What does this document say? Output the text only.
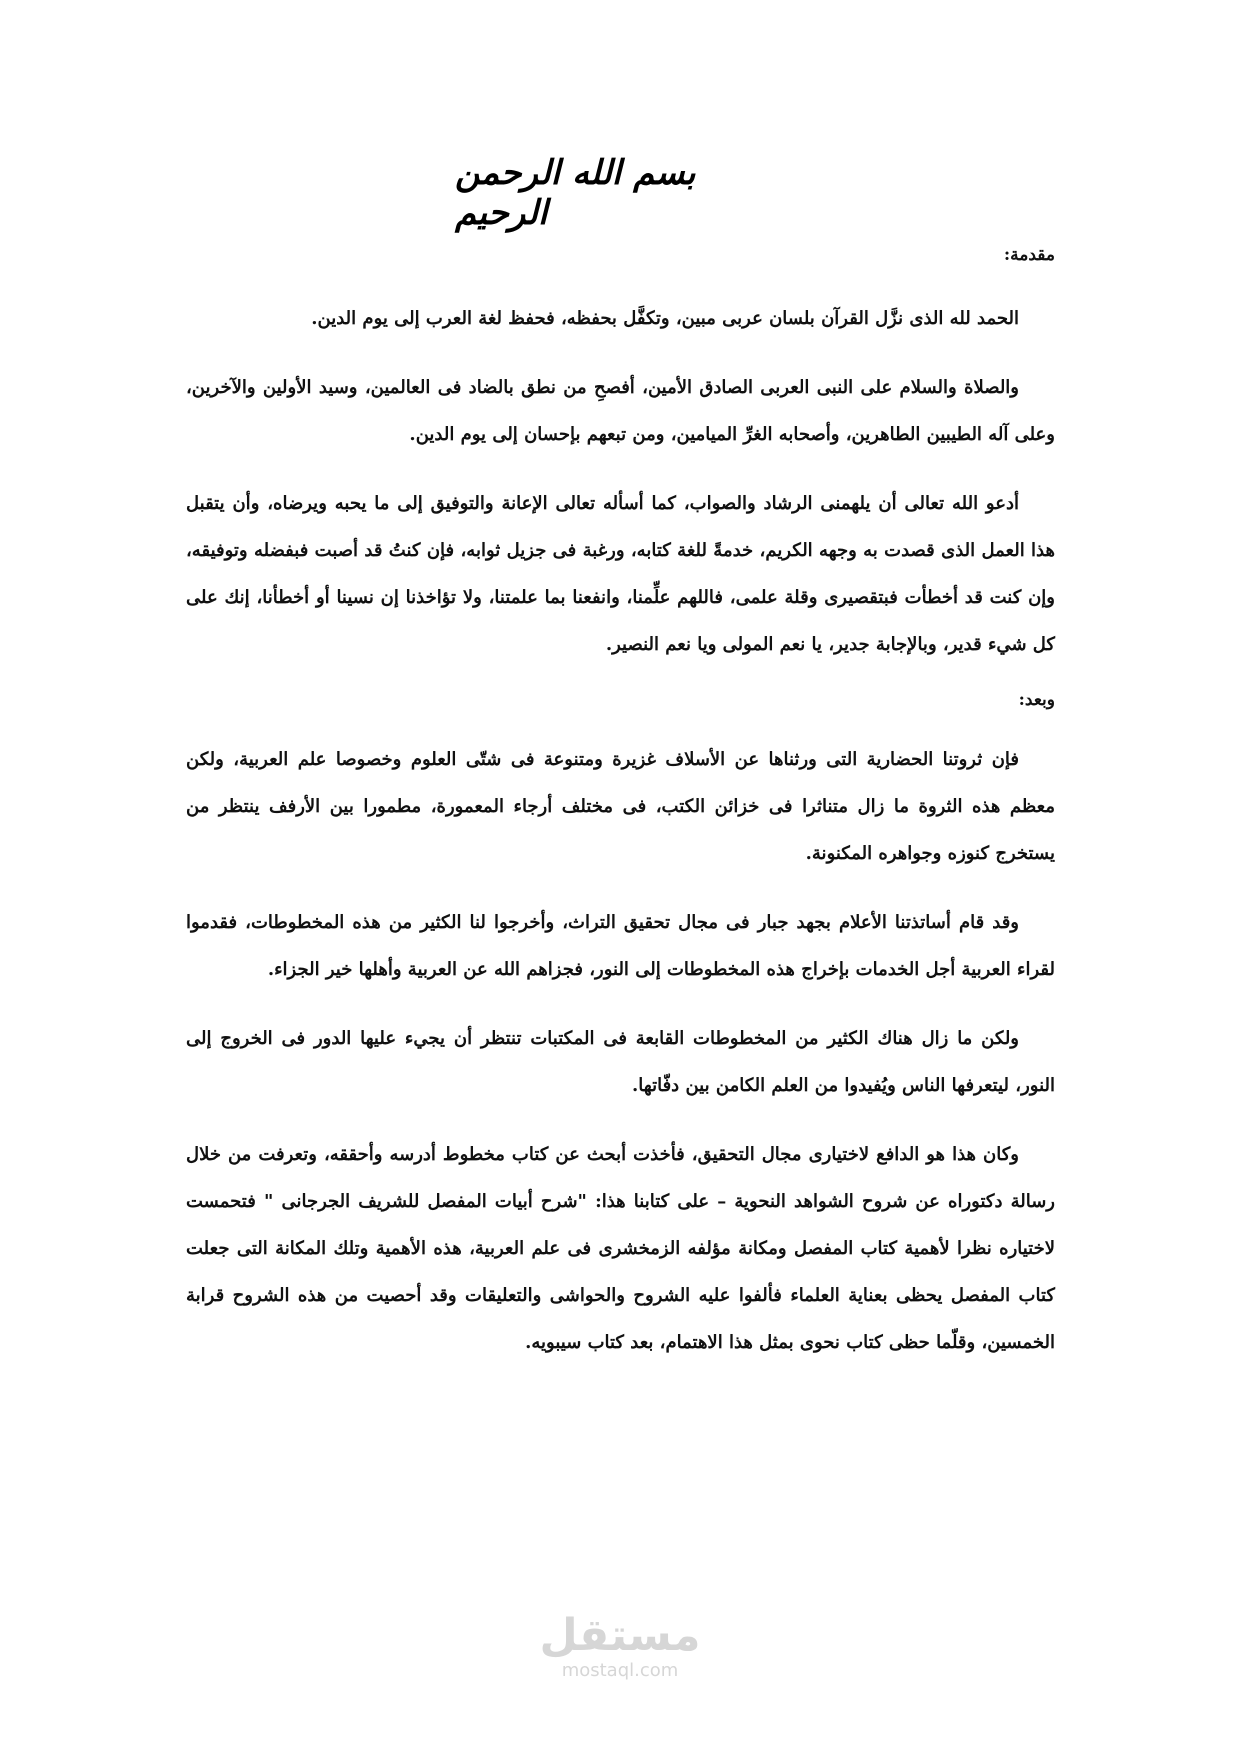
بسم الله الرحمن الرحيم
مقدمة:

الحمد لله الذى نزَّل القرآن بلسان عربى مبين، وتكفَّل بحفظه، فحفظ لغة العرب إلى يوم الدين.

والصلاة والسلام على النبى العربى الصادق الأمين، أفصحِ من نطق بالضاد فى العالمين، وسيد الأولين والآخرين، وعلى آله الطيبين الطاهرين، وأصحابه الغرِّ الميامين، ومن تبعهم بإحسان إلى يوم الدين.

أدعو الله تعالى أن يلهمنى الرشاد والصواب، كما أسأله تعالى الإعانة والتوفيق إلى ما يحبه ويرضاه، وأن يتقبل هذا العمل الذى قصدت به وجهه الكريم، خدمةً للغة كتابه، ورغبة فى جزيل ثوابه، فإن كنتُ قد أصبت فبفضله وتوفيقه، وإن كنت قد أخطأت فبتقصيرى وقلة علمى، فاللهم علِّمنا، وانفعنا بما علمتنا، ولا تؤاخذنا إن نسينا أو أخطأنا، إنك على كل شيء قدير، وبالإجابة جدير، يا نعم المولى ويا نعم النصير.

وبعد:

فإن ثروتنا الحضارية التى ورثناها عن الأسلاف غزيرة ومتنوعة فى شتّى العلوم وخصوصا علم العربية، ولكن معظم هذه الثروة ما زال متناثرا فى خزائن الكتب، فى مختلف أرجاء المعمورة، مطمورا بين الأرفف ينتظر من يستخرج كنوزه وجواهره المكنونة.

وقد قام أساتذتنا الأعلام بجهد جبار فى مجال تحقيق التراث، وأخرجوا لنا الكثير من هذه المخطوطات، فقدموا لقراء العربية أجل الخدمات بإخراج هذه المخطوطات إلى النور، فجزاهم الله عن العربية وأهلها خير الجزاء.

ولكن ما زال هناك الكثير من المخطوطات القابعة فى المكتبات تنتظر أن يجيء عليها الدور فى الخروج إلى النور، ليتعرفها الناس ويُفيدوا من العلم الكامن بين دفّاتها.

وكان هذا هو الدافع لاختيارى مجال التحقيق، فأخذت أبحث عن كتاب مخطوط أدرسه وأحققه، وتعرفت من خلال رسالة دكتوراه عن شروح الشواهد النحوية – على كتابنا هذا: "شرح أبيات المفصل للشريف الجرجانى " فتحمست لاختياره نظرا لأهمية كتاب المفصل ومكانة مؤلفه الزمخشرى فى علم العربية، هذه الأهمية وتلك المكانة التى جعلت كتاب المفصل يحظى بعناية العلماء فألفوا عليه الشروح والحواشى والتعليقات وقد أحصيت من هذه الشروح قرابة الخمسين، وقلّما حظى كتاب نحوى بمثل هذا الاهتمام، بعد كتاب سيبويه.

مستقل
mostaql.com
